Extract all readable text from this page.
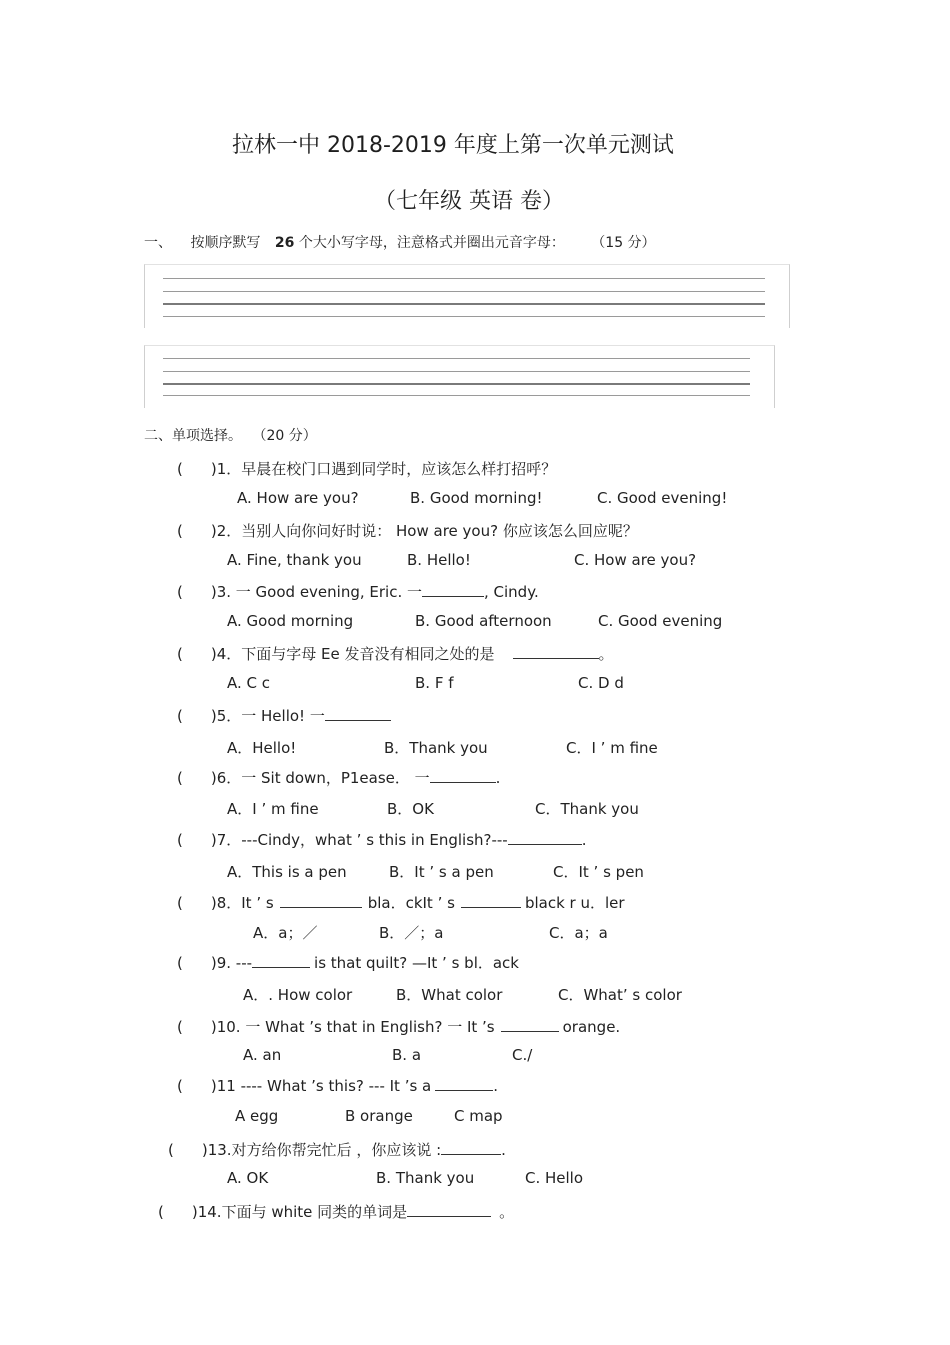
拉林一中 2018-2019 年度上第一次单元测试
（七年级 英语 卷）
一、 按顺序默写 26 个大小写字母，注意格式并圈出元音字母： （15 分）
二、单项选择。 （20 分）
( )1．早晨在校门口遇到同学时，应该怎么样打招呼？
A. How are you?	B. Good morning!	C. Good evening!
( )2．当别人向你问好时说： How are you? 你应该怎么回应呢？
A. Fine, thank you	B. Hello!	C. How are you?
( )3. 一 Good evening, Eric. 一	, Cindy.
A. Good morning	B. Good afternoon	C. Good evening
( )4．下面与字母 Ee 发音没有相同之处的是	。
A. C c	B. F f	C. D d
( )5．一 Hello! 一
A．Hello!	B．Thank you	C．I ’ m fine
( )6．一 Sit down，P1ease． 一	.
A．I ’ m fine	B．OK	C．Thank you
( )7．---Cindy，what ’ s this in English?---	.
A．This is a pen	B．It ’ s a pen	C．It ’ s pen
( )8．It ’ s	bla．ckIt ’ s	black r u．ler
A．a；／	B．／；a	C．a；a
( )9. ---	is that quilt? —It ’ s bl．ack
A．. How color	B．What color	C．What’ s color
( )10. 一 What ’s that in English? 一 It ’s	orange.
A. an	B. a	C./
( )11 ---- What ’s this? --- It ’s a	.
A egg	B orange	C map
( )13.对方给你帮完忙后 ，你应该说 :	.
A. OK	B. Thank you	C. Hello
( )14.下面与 white 同类的单词是	。
